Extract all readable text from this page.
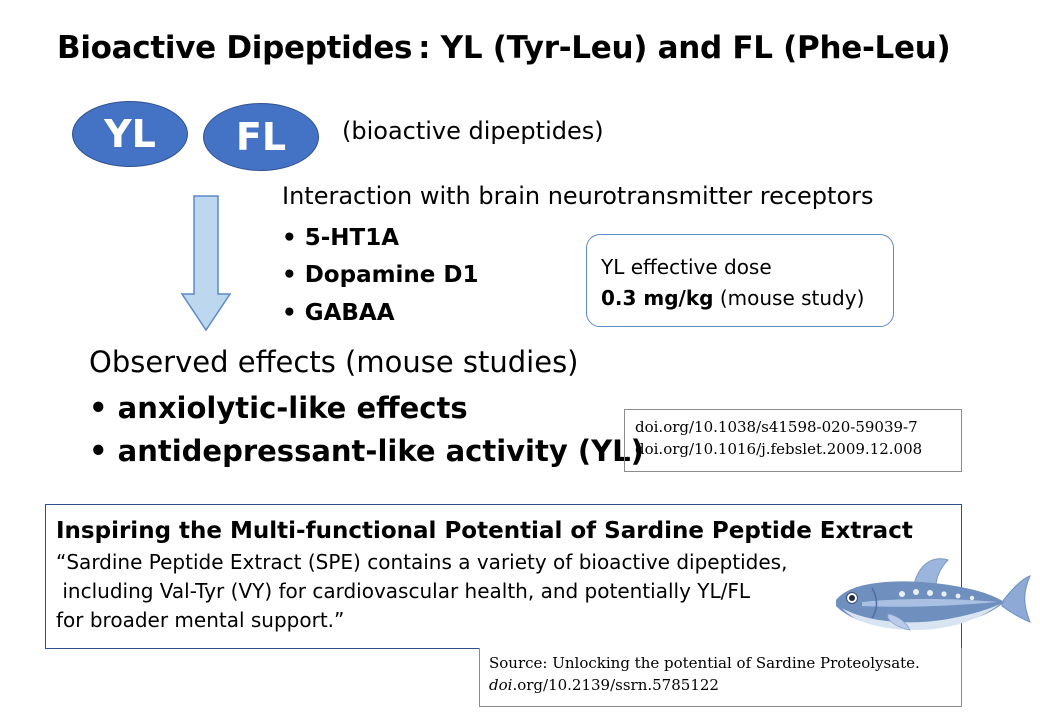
Bioactive Dipeptides : YL (Tyr-Leu) and FL (Phe-Leu)
YL	FL	(bioactive dipeptides)
Interaction with brain neurotransmitter receptors
• 5-HT1A
• Dopamine D1
• GABAA
YL effective dose
0.3 mg/kg (mouse study)
Observed effects (mouse studies)
• anxiolytic-like effects
• antidepressant-like activity (YL)
doi.org/10.1038/s41598-020-59039-7
doi.org/10.1016/j.febslet.2009.12.008
Inspiring the Multi-functional Potential of Sardine Peptide Extract
“Sardine Peptide Extract (SPE) contains a variety of bioactive dipeptides,
including Val-Tyr (VY) for cardiovascular health, and potentially YL/FL
for broader mental support.”
Source: Unlocking the potential of Sardine Proteolysate.
doi.org/10.2139/ssrn.5785122
